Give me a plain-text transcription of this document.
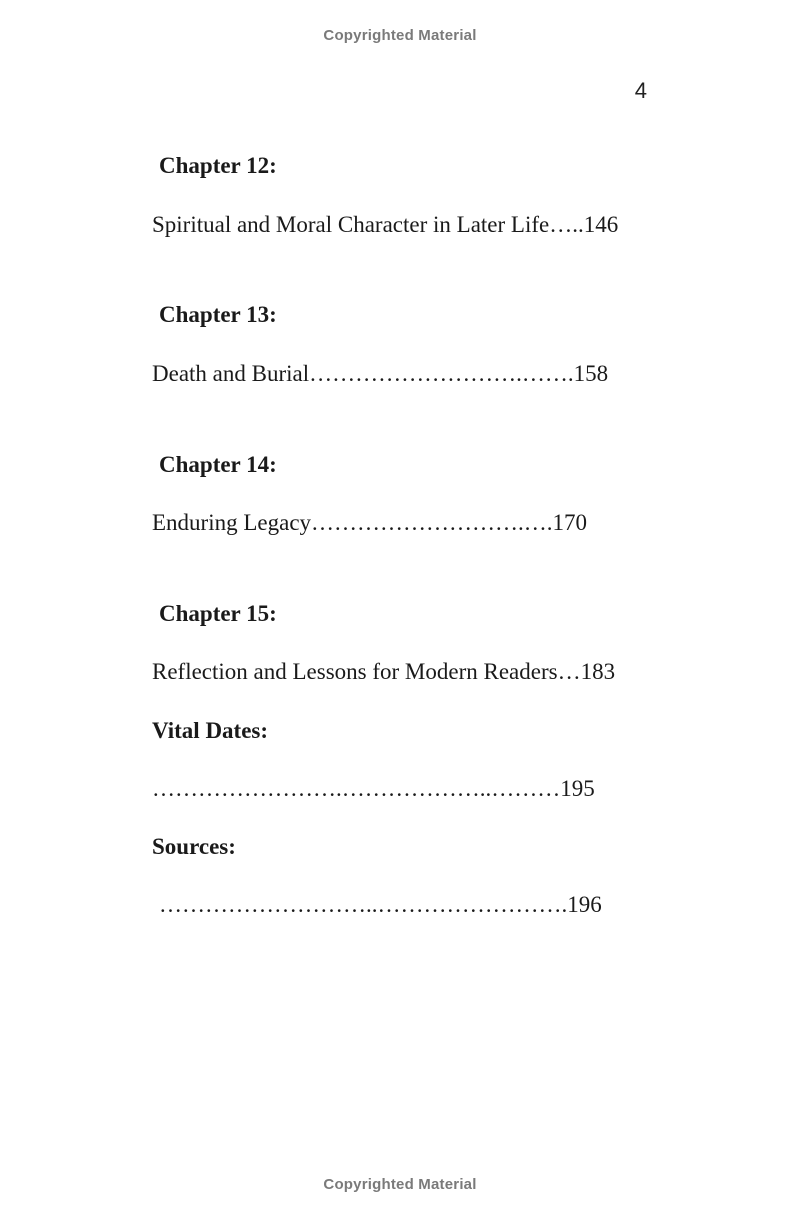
Copyrighted Material
4
Chapter 12:
Spiritual and Moral Character in Later Life…..146
Chapter 13:
Death and Burial……………………….…….158
Chapter 14:
Enduring Legacy……………………….….170
Chapter 15:
Reflection and Lessons for Modern Readers…183
Vital Dates:
…………………….………………..………195
Sources:
………………………..…………………….196
Copyrighted Material
